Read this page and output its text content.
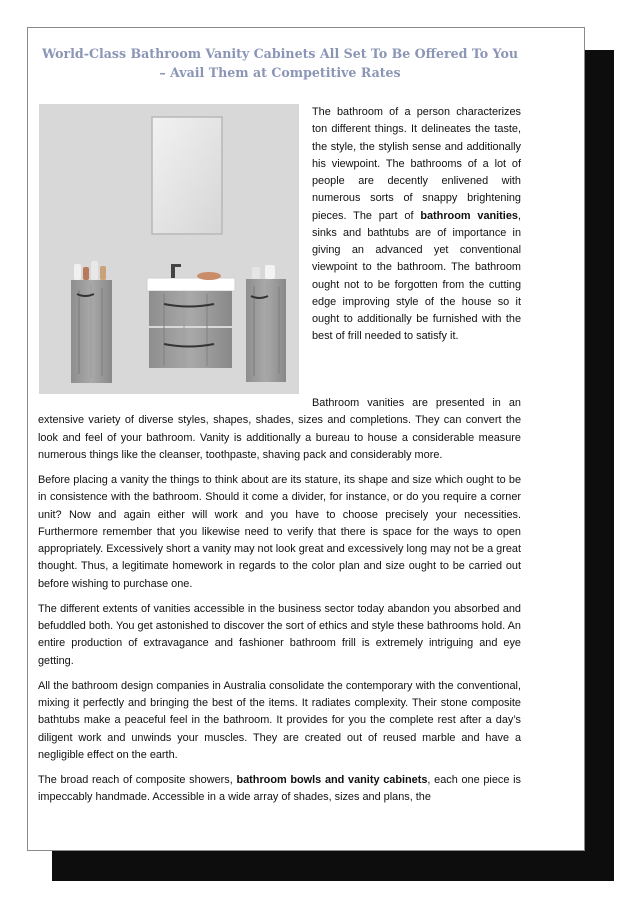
World-Class Bathroom Vanity Cabinets All Set To Be Offered To You – Avail Them at Competitive Rates

The bathroom of a person characterizes ton different things. It delineates the taste, the style, the stylish sense and additionally his viewpoint. The bathrooms of a lot of people are decently enlivened with numerous sorts of snappy brightening pieces. The part of bathroom vanities, sinks and bathtubs are of importance in giving an advanced yet conventional viewpoint to the bathroom. The bathroom ought not to be forgotten from the cutting edge improving style of the house so it ought to additionally be furnished with the best of frill needed to satisfy it.

Bathroom vanities are presented in an extensive variety of diverse styles, shapes, shades, sizes and completions. They can convert the look and feel of your bathroom. Vanity is additionally a bureau to house a considerable measure numerous things like the cleanser, toothpaste, shaving pack and considerably more.

Before placing a vanity the things to think about are its stature, its shape and size which ought to be in consistence with the bathroom. Should it come a divider, for instance, or do you require a corner unit? Now and again either will work and you have to choose precisely your necessities. Furthermore remember that you likewise need to verify that there is space for the ways to open appropriately. Excessively short a vanity may not look great and excessively long may not be a great thought. Thus, a legitimate homework in regards to the color plan and size ought to be carried out before wishing to purchase one.

The different extents of vanities accessible in the business sector today abandon you absorbed and befuddled both. You get astonished to discover the sort of ethics and style these bathrooms hold. An entire production of extravagance and fashioner bathroom frill is extremely intriguing and eye getting.

All the bathroom design companies in Australia consolidate the contemporary with the conventional, mixing it perfectly and bringing the best of the items. It radiates complexity. Their stone composite bathtubs make a peaceful feel in the bathroom. It provides for you the complete rest after a day’s diligent work and unwinds your muscles. They are created out of reused marble and have a negligible effect on the earth.

The broad reach of composite showers, bathroom bowls and vanity cabinets, each one piece is impeccably handmade. Accessible in a wide array of shades, sizes and plans, the
